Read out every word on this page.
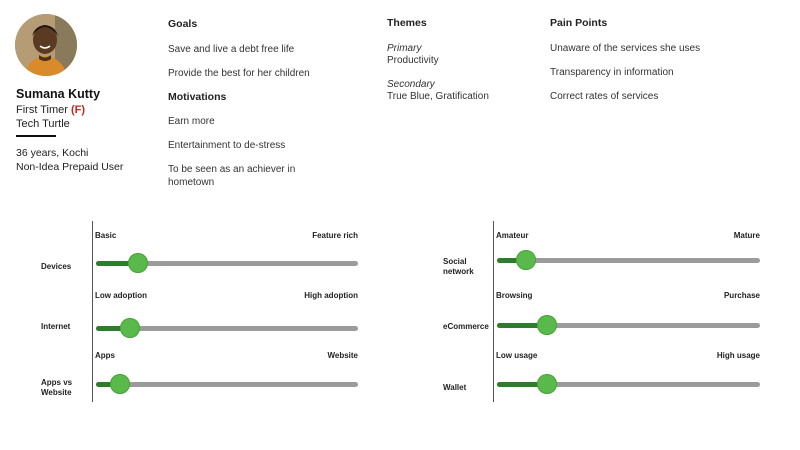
Sumana Kutty
First Timer (F)
Tech Turtle
36 years, Kochi
Non-Idea Prepaid User
Goals
Save and live a debt free life
Provide the best for her children
Motivations
Earn more
Entertainment to de-stress
To be seen as an achiever in
hometown
Themes
Primary
Productivity
Secondary
True Blue, Gratification
Pain Points
Unaware of the services she uses
Transparency in information
Correct rates of services
Devices
Basic	Feature rich
Internet
Low adoption	High adoption
Apps vs
Website
Apps	Website
Social
network
Amateur	Mature
eCommerce
Browsing	Purchase
Wallet
Low usage	High usage
